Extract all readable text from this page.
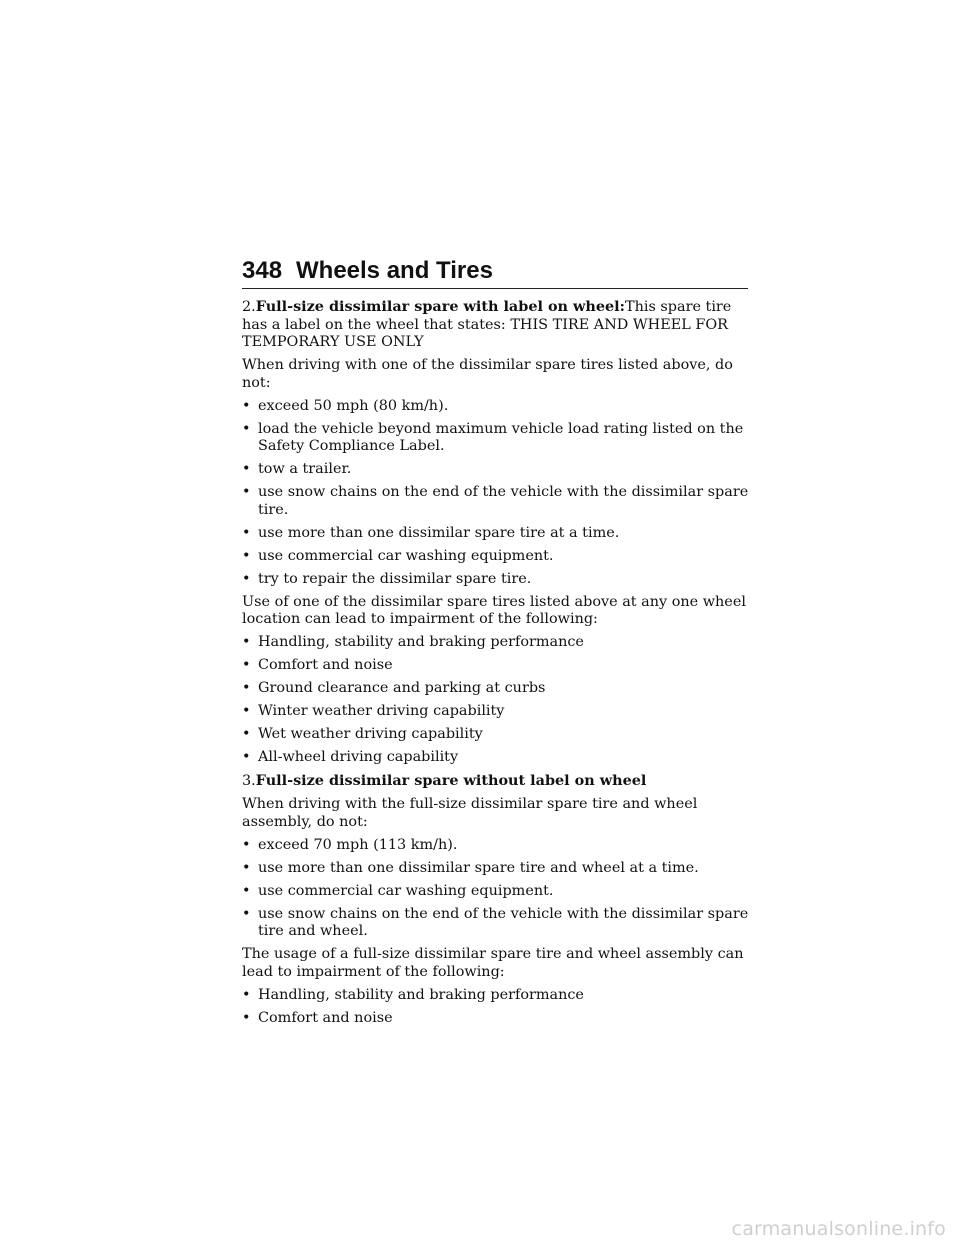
348 Wheels and Tires

2.Full-size dissimilar spare with label on wheel:This spare tire has a label on the wheel that states: THIS TIRE AND WHEEL FOR TEMPORARY USE ONLY

When driving with one of the dissimilar spare tires listed above, do not:

• exceed 50 mph (80 km/h).
• load the vehicle beyond maximum vehicle load rating listed on the Safety Compliance Label.
• tow a trailer.
• use snow chains on the end of the vehicle with the dissimilar spare tire.
• use more than one dissimilar spare tire at a time.
• use commercial car washing equipment.
• try to repair the dissimilar spare tire.

Use of one of the dissimilar spare tires listed above at any one wheel location can lead to impairment of the following:

• Handling, stability and braking performance
• Comfort and noise
• Ground clearance and parking at curbs
• Winter weather driving capability
• Wet weather driving capability
• All-wheel driving capability

3.Full-size dissimilar spare without label on wheel

When driving with the full-size dissimilar spare tire and wheel assembly, do not:

• exceed 70 mph (113 km/h).
• use more than one dissimilar spare tire and wheel at a time.
• use commercial car washing equipment.
• use snow chains on the end of the vehicle with the dissimilar spare tire and wheel.

The usage of a full-size dissimilar spare tire and wheel assembly can lead to impairment of the following:

• Handling, stability and braking performance
• Comfort and noise
carmanualsonline.info
